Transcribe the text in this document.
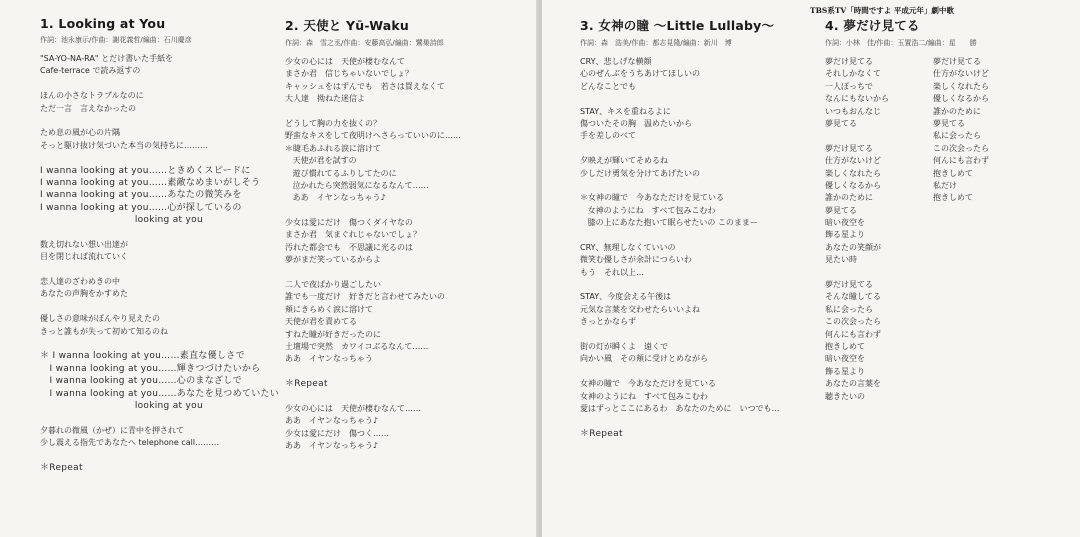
1. Looking at You
作詞：池永康示/作曲：謝花義哲/編曲：石川慶彦
"SA-YO-NA-RA" とだけ書いた手紙を
Cafe-terrace で読み返すの
ほんの小さなトラブルなのに
ただ一言　言えなかったの
ため息の風が心の片隅
そっと駆け抜け気づいた本当の気持ちに………
I wanna looking at you……ときめくスピードに
I wanna looking at you……素敵なめまいがしそう
I wanna looking at you……あなたの微笑みを
I wanna looking at you……心が探しているの
looking at you
数え切れない想い出達が
目を閉じれば流れていく
恋人達のざわめきの中
あなたの声胸をかすめた
優しさの意味がぼんやり見えたの
きっと誰もが失って初めて知るのね
＊ I wanna looking at you……素直な優しさで
I wanna looking at you……輝きつづけたいから
I wanna looking at you……心のまなざしで
I wanna looking at you……あなたを見つめていたい
looking at you
夕暮れの微風（かぜ）に青中を押されて
少し震える指先であなたへ telephone call………
＊Repeat
2. 天使と Yū-Waku
作詞：森　雪之丞/作曲：安藤高弘/編曲：鷺巣詩郎
少女の心には　天使が棲むなんて
まさか君　信じちゃいないでしょ？
キャッシュをはずんでも　若さは買えなくて
大人達　拗ねた迷信よ
どうして胸の力を抜くの？
野蛮なキスをして夜明けへさらっていいのに……
＊睫毛あふれる涙に溶けて
天使が君を試すの
遊び慣れてるふりしてたのに
泣かれたら突然弱気になるなんて……
ああ　イヤンなっちゃう♪
少女は愛にだけ　傷つくダイヤなの
まさか君　気まぐれじゃないでしょ？
汚れた都会でも　不思議に光るのは
夢がまだ笑っているからよ
二人で夜ばかり過ごしたい
誰でも一度だけ　好きだと言わせてみたいの
頬にきらめく涙に溶けて
天使が君を責めてる
すねた瞳が好きだったのに
土壇場で突然　カワイコぶるなんて……
ああ　イヤンなっちゃう
＊Repeat
少女の心には　天使が棲むなんて……
ああ　イヤンなっちゃう♪
少女は愛にだけ　傷つく……
ああ　イヤンなっちゃう♪
TBS系TV「時間ですよ 平成元年」劇中歌
3. 女神の瞳 ～Little Lullaby～
作詞：森　浩美/作曲：都志見隆/編曲：新川　博
CRY、悲しげな横顔
心のぜんぶをうちあけてほしいの
どんなことでも
STAY、キスを重ねるよに
傷ついたその胸　温めたいから
手を差しのべて
夕映えが輝いてそめるね
少しだけ勇気を分けてあげたいの
＊女神の瞳で　今あなただけを見ている
女神のようにね　すべて包みこむわ
膝の上にあなた抱いて眠らせたいの このままー
CRY、無理しなくていいの
微笑む優しさが余計につらいわ
もう　それ以上…
STAY、今度会える午後は
元気な言葉を交わせたらいいよね
きっとかならず
街の灯が瞬くよ　遠くで
向かい風　その頬に受けとめながら
女神の瞳で　今あなただけを見ている
女神のようにね　すべて包みこむわ
愛はずっとここにあるわ　あなたのために　いつでも…
＊Repeat
4. 夢だけ見てる
作詞：小林　佳/作曲：玉置浩二/編曲：星　　勝
夢だけ見てる
それしかなくて
一人ぼっちで
なんにもないから
いつもおんなじ
夢見てる
夢だけ見てる
仕方がないけど
楽しくなれたら
優しくなるから
誰かのために
夢見てる
暗い夜空を
飾る星より
あなたの笑顔が
見たい時
夢だけ見てる
そんな瞳してる
私に会ったら
この次会ったら
何んにも言わず
抱きしめて
暗い夜空を
飾る星より
あなたの言葉を
聴きたいの
夢だけ見てる
仕方がないけど
楽しくなれたら
優しくなるから
誰かのために
夢見てる
私に会ったら
この次会ったら
何んにも言わず
抱きしめて
私だけ
抱きしめて
